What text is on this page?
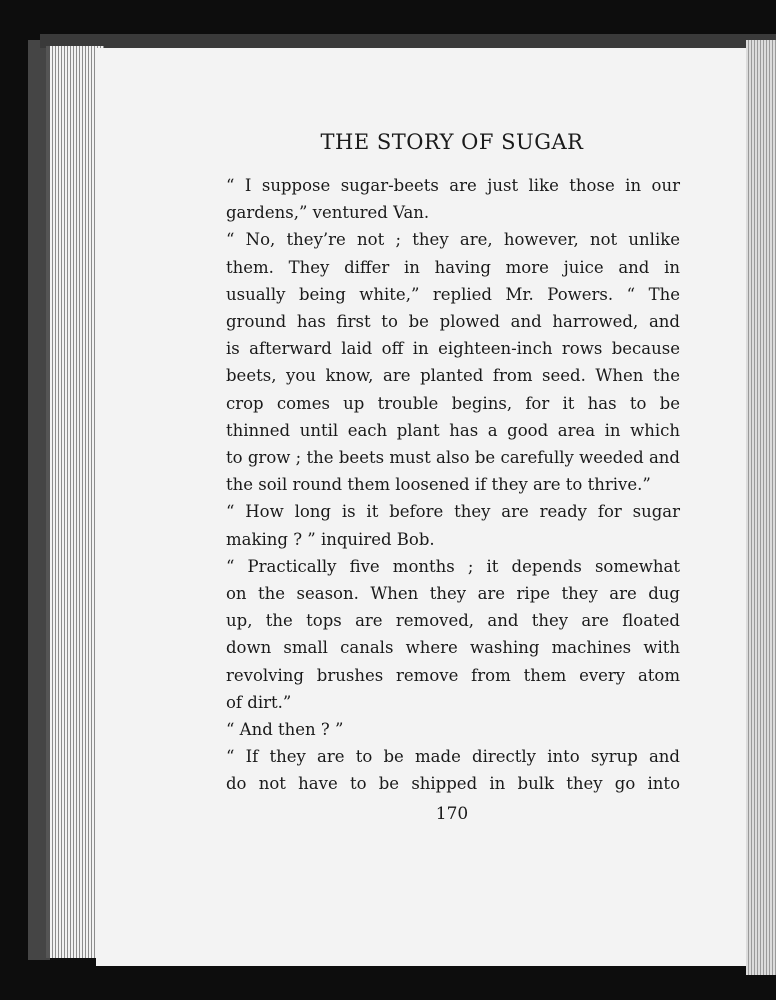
THE STORY OF SUGAR
“ I suppose sugar-beets are just like those in our
gardens,” ventured Van.
“ No, they’re not ; they are, however, not unlike
them. They differ in having more juice and in
usually being white,” replied Mr. Powers. “ The
ground has first to be plowed and harrowed, and
is afterward laid off in eighteen-inch rows because
beets, you know, are planted from seed. When the
crop comes up trouble begins, for it has to be
thinned until each plant has a good area in which
to grow ; the beets must also be carefully weeded and
the soil round them loosened if they are to thrive.”
“ How long is it before they are ready for sugar
making ? ” inquired Bob.
“ Practically five months ; it depends somewhat
on the season. When they are ripe they are dug
up, the tops are removed, and they are floated
down small canals where washing machines with
revolving brushes remove from them every atom
of dirt.”
“ And then ? ”
“ If they are to be made directly into syrup and
do not have to be shipped in bulk they go into
170
